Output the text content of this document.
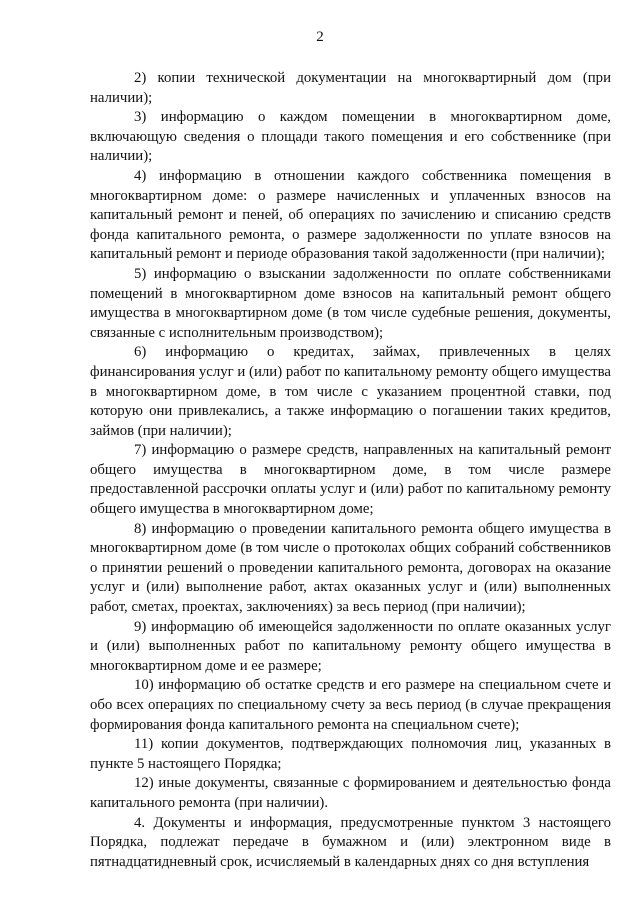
2

2) копии технической документации на многоквартирный дом (при наличии);

3) информацию о каждом помещении в многоквартирном доме, включающую сведения о площади такого помещения и его собственнике (при наличии);

4) информацию в отношении каждого собственника помещения в многоквартирном доме: о размере начисленных и уплаченных взносов на капитальный ремонт и пеней, об операциях по зачислению и списанию средств фонда капитального ремонта, о размере задолженности по уплате взносов на капитальный ремонт и периоде образования такой задолженности (при наличии);

5) информацию о взыскании задолженности по оплате собственниками помещений в многоквартирном доме взносов на капитальный ремонт общего имущества в многоквартирном доме (в том числе судебные решения, документы, связанные с исполнительным производством);

6) информацию о кредитах, займах, привлеченных в целях финансирования услуг и (или) работ по капитальному ремонту общего имущества в многоквартирном доме, в том числе с указанием процентной ставки, под которую они привлекались, а также информацию о погашении таких кредитов, займов (при наличии);

7) информацию о размере средств, направленных на капитальный ремонт общего имущества в многоквартирном доме, в том числе размере предоставленной рассрочки оплаты услуг и (или) работ по капитальному ремонту общего имущества в многоквартирном доме;

8) информацию о проведении капитального ремонта общего имущества в многоквартирном доме (в том числе о протоколах общих собраний собственников о принятии решений о проведении капитального ремонта, договорах на оказание услуг и (или) выполнение работ, актах оказанных услуг и (или) выполненных работ, сметах, проектах, заключениях) за весь период (при наличии);

9) информацию об имеющейся задолженности по оплате оказанных услуг и (или) выполненных работ по капитальному ремонту общего имущества в многоквартирном доме и ее размере;

10) информацию об остатке средств и его размере на специальном счете и обо всех операциях по специальному счету за весь период (в случае прекращения формирования фонда капитального ремонта на специальном счете);

11) копии документов, подтверждающих полномочия лиц, указанных в пункте 5 настоящего Порядка;

12) иные документы, связанные с формированием и деятельностью фонда капитального ремонта (при наличии).

4. Документы и информация, предусмотренные пунктом 3 настоящего Порядка, подлежат передаче в бумажном и (или) электронном виде в пятнадцатидневный срок, исчисляемый в календарных днях со дня вступления
